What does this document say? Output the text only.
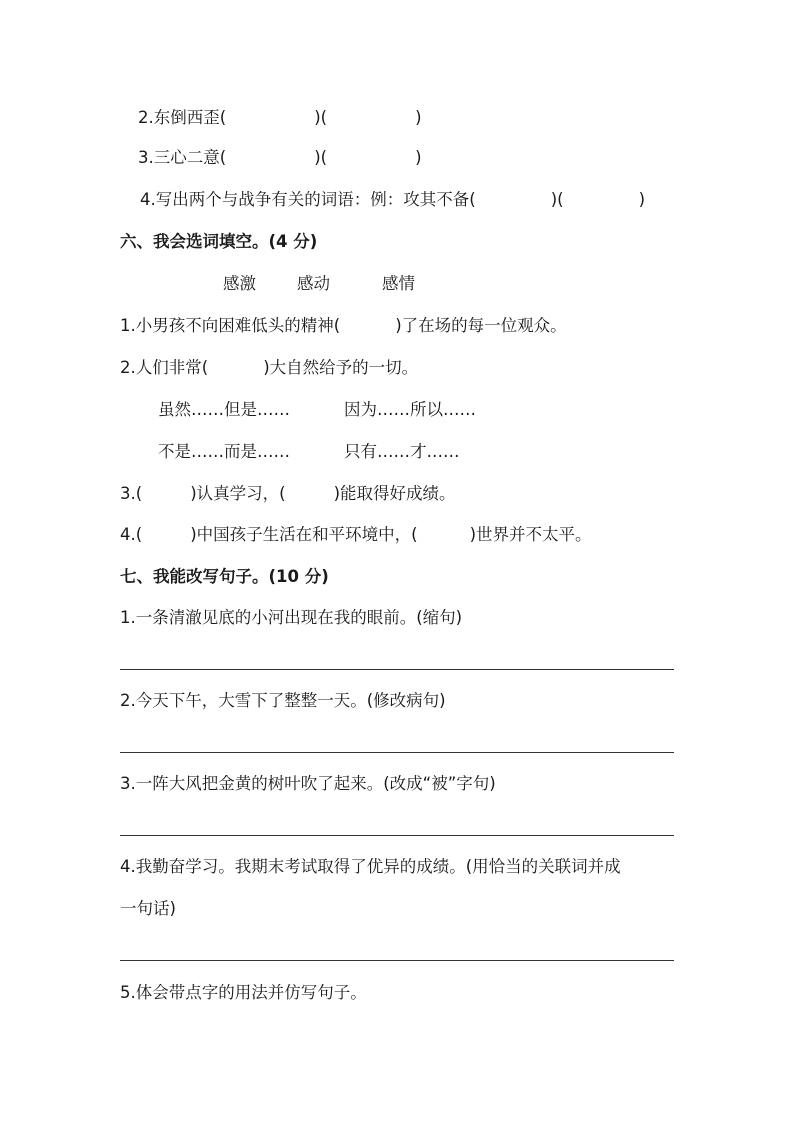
2.东倒西歪(	)(	)
3.三心二意(	)(	)
4.写出两个与战争有关的词语：例：攻其不备(	)(	)
六、我会选词填空。(4 分)
感激 感动	感情
1.小男孩不向困难低头的精神(	)了在场的每一位观众。
2.人们非常(	)大自然给予的一切。
虽然……但是……	因为……所以……
不是……而是……	只有……才……
3.(	)认真学习，(	)能取得好成绩。
4.(	)中国孩子生活在和平环境中，(	)世界并不太平。
七、我能改写句子。(10 分)
1.一条清澈见底的小河出现在我的眼前。(缩句)
2.今天下午，大雪下了整整一天。(修改病句)
3.一阵大风把金黄的树叶吹了起来。(改成“被”字句)
4.我勤奋学习。我期末考试取得了优异的成绩。(用恰当的关联词并成
一句话)
5.体会带点字的用法并仿写句子。
